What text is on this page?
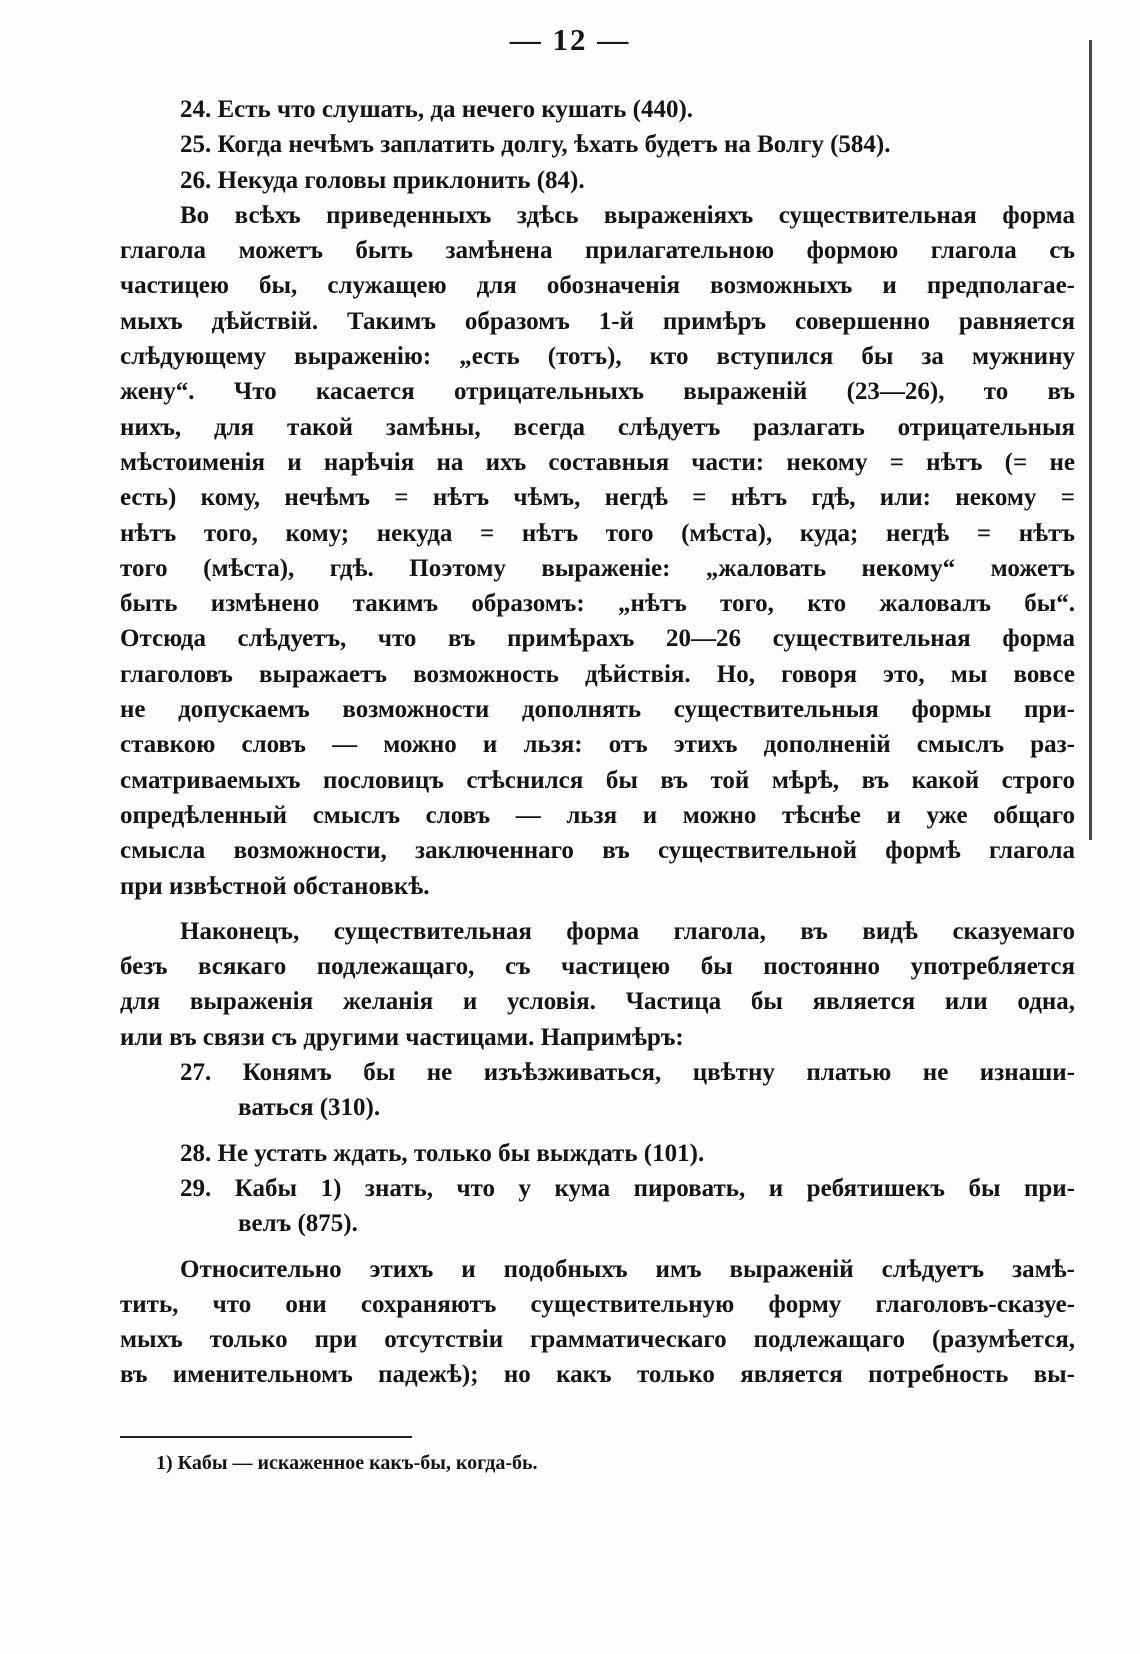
— 12 —
24. Есть что слушать, да нечего кушать (440).
25. Когда нечѣмъ заплатить долгу, ѣхать будетъ на Волгу (584).
26. Некуда головы приклонить (84).
Во всѣхъ приведенныхъ здѣсь выраженіяхъ существительная форма
глагола можетъ быть замѣнена прилагательною формою глагола съ
частицею бы, служащею для обозначенія возможныхъ и предполагае-
мыхъ дѣйствій. Такимъ образомъ 1-й примѣръ совершенно равняется
слѣдующему выраженію: „есть (тотъ), кто вступился бы за мужнину
жену“. Что касается отрицательныхъ выраженій (23—26), то въ
нихъ, для такой замѣны, всегда слѣдуетъ разлагать отрицательныя
мѣстоименія и нарѣчія на ихъ составныя части: некому = нѣтъ (= не
есть) кому, нечѣмъ = нѣтъ чѣмъ, негдѣ = нѣтъ гдѣ, или: некому =
нѣтъ того, кому; некуда = нѣтъ того (мѣста), куда; негдѣ = нѣтъ
того (мѣста), гдѣ. Поэтому выраженіе: „жаловать некому“ можетъ
быть измѣнено такимъ образомъ: „нѣтъ того, кто жаловалъ бы“.
Отсюда слѣдуетъ, что въ примѣрахъ 20—26 существительная форма
глаголовъ выражаетъ возможность дѣйствія. Но, говоря это, мы вовсе
не допускаемъ возможности дополнять существительныя формы при-
ставкою словъ — можно и льзя: отъ этихъ дополненій смыслъ раз-
сматриваемыхъ пословицъ стѣснился бы въ той мѣрѣ, въ какой строго
опредѣленный смыслъ словъ — льзя и можно тѣснѣе и уже общаго
смысла возможности, заключеннаго въ существительной формѣ глагола
при извѣстной обстановкѣ.
Наконецъ, существительная форма глагола, въ видѣ сказуемаго
безъ всякаго подлежащаго, съ частицею бы постоянно употребляется
для выраженія желанія и условія. Частица бы является или одна,
или въ связи съ другими частицами. Напримѣръ:
27. Конямъ бы не изъѣзживаться, цвѣтну платью не изнаши-
ваться (310).
28. Не устать ждать, только бы выждать (101).
29. Кабы 1) знать, что у кума пировать, и ребятишекъ бы при-
велъ (875).
Относительно этихъ и подобныхъ имъ выраженій слѣдуетъ замѣ-
тить, что они сохраняютъ существительную форму глаголовъ-сказуе-
мыхъ только при отсутствіи грамматическаго подлежащаго (разумѣется,
въ именительномъ падежѣ); но какъ только является потребность вы-
1) Кабы — искаженное какъ-бы, когда-бь.
